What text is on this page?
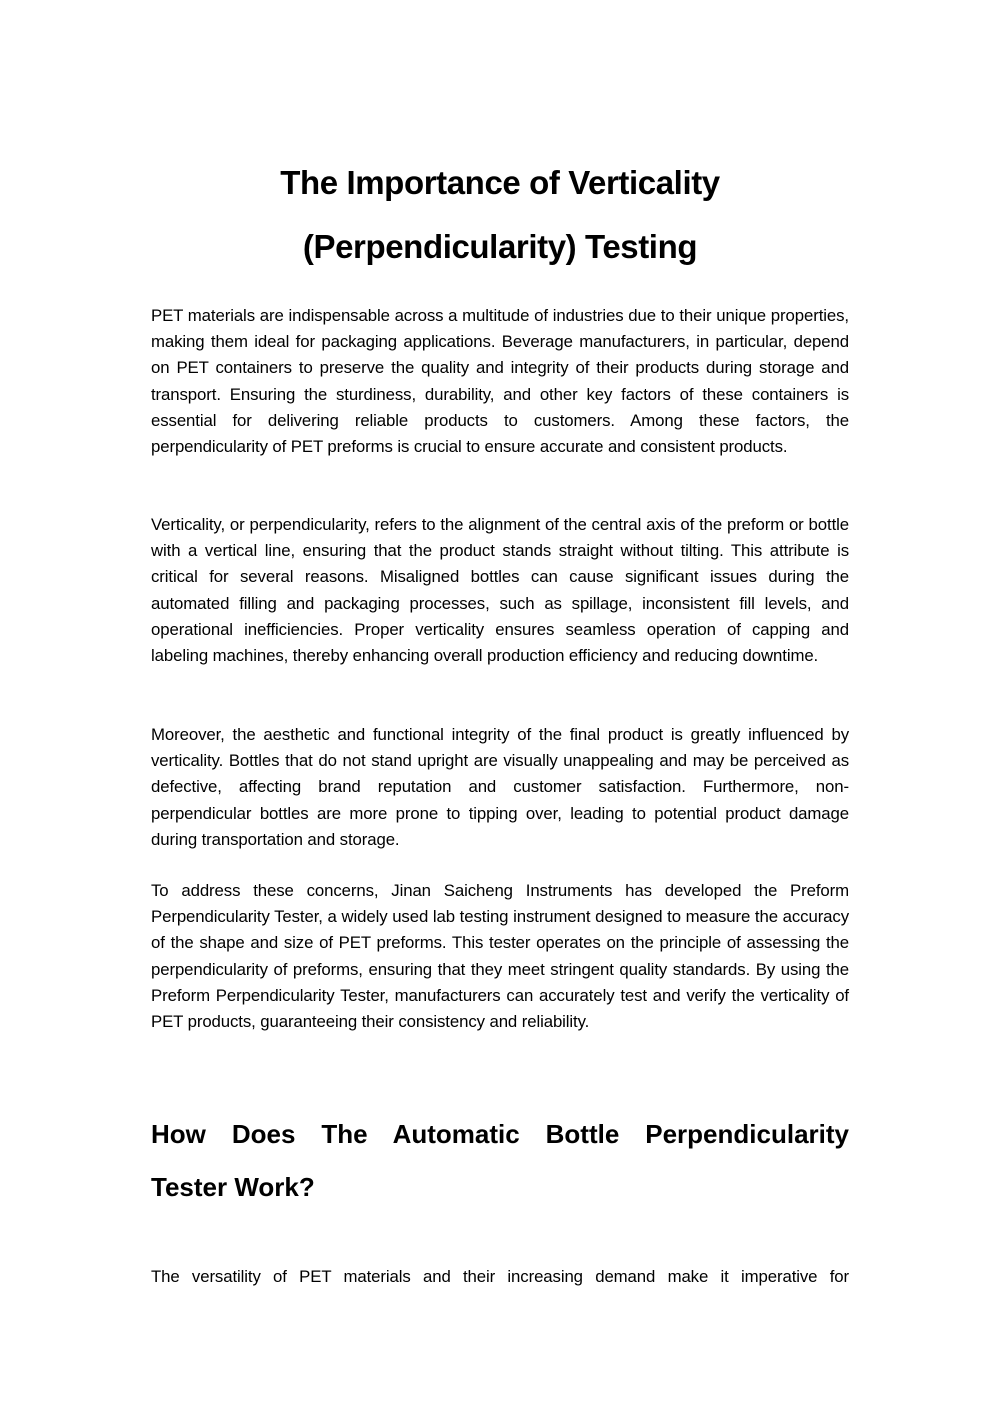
The Importance of Verticality
(Perpendicularity) Testing

PET materials are indispensable across a multitude of industries due to their unique properties, making them ideal for packaging applications. Beverage manufacturers, in particular, depend on PET containers to preserve the quality and integrity of their products during storage and transport. Ensuring the sturdiness, durability, and other key factors of these containers is essential for delivering reliable products to customers. Among these factors, the perpendicularity of PET preforms is crucial to ensure accurate and consistent products.

Verticality, or perpendicularity, refers to the alignment of the central axis of the preform or bottle with a vertical line, ensuring that the product stands straight without tilting. This attribute is critical for several reasons. Misaligned bottles can cause significant issues during the automated filling and packaging processes, such as spillage, inconsistent fill levels, and operational inefficiencies. Proper verticality ensures seamless operation of capping and labeling machines, thereby enhancing overall production efficiency and reducing downtime.

Moreover, the aesthetic and functional integrity of the final product is greatly influenced by verticality. Bottles that do not stand upright are visually unappealing and may be perceived as defective, affecting brand reputation and customer satisfaction. Furthermore, non-perpendicular bottles are more prone to tipping over, leading to potential product damage during transportation and storage.

To address these concerns, Jinan Saicheng Instruments has developed the Preform Perpendicularity Tester, a widely used lab testing instrument designed to measure the accuracy of the shape and size of PET preforms. This tester operates on the principle of assessing the perpendicularity of preforms, ensuring that they meet stringent quality standards. By using the Preform Perpendicularity Tester, manufacturers can accurately test and verify the verticality of PET products, guaranteeing their consistency and reliability.

How Does The Automatic Bottle Perpendicularity
Tester Work?

The versatility of PET materials and their increasing demand make it imperative for
